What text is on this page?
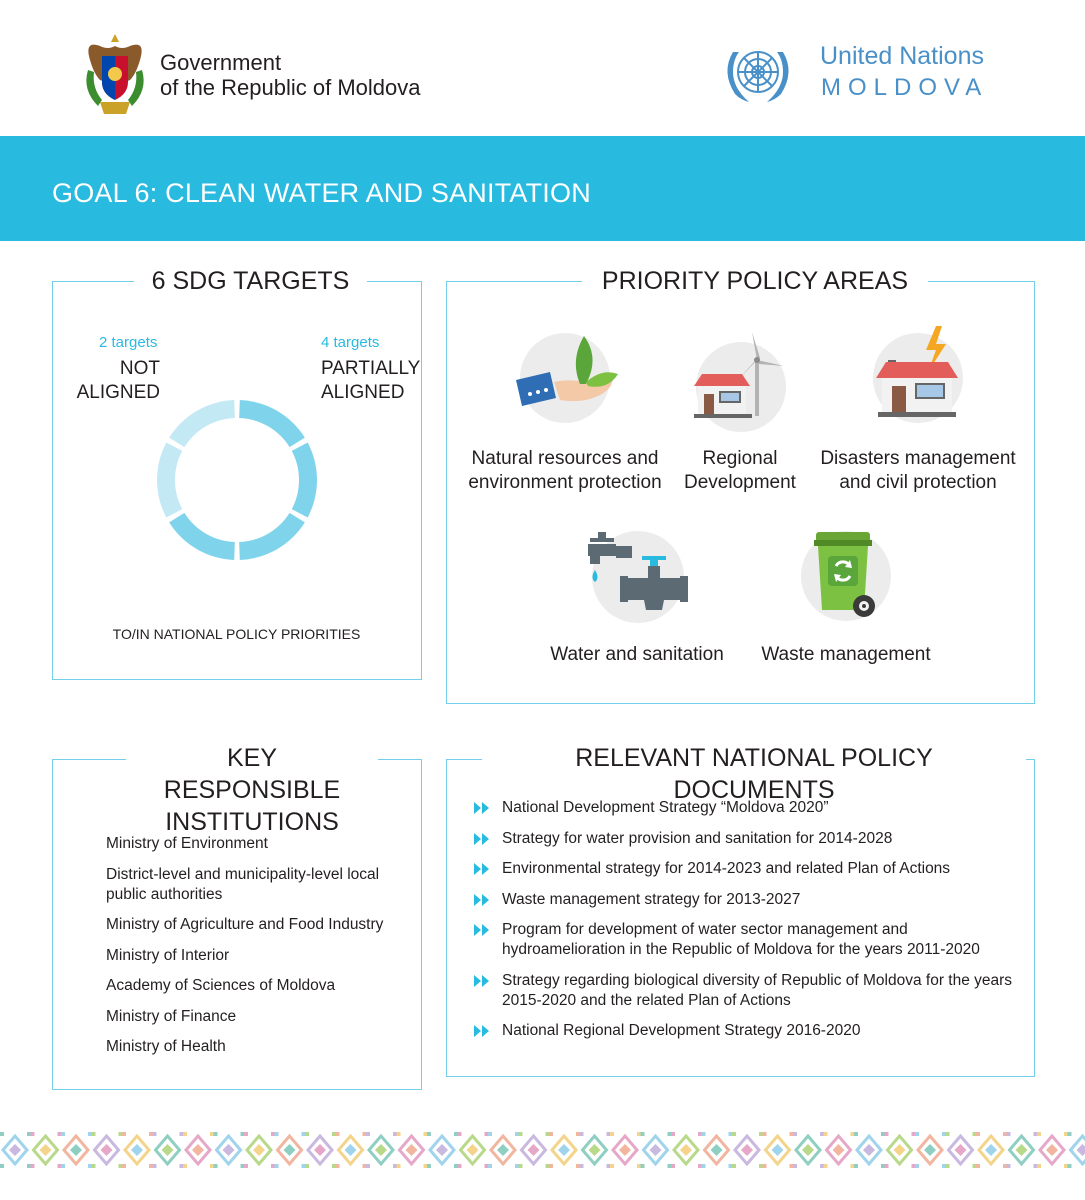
Government
of the Republic of Moldova
United Nations
MOLDOVA
GOAL 6: CLEAN WATER AND SANITATION
6 SDG TARGETS
2 targets
NOT
ALIGNED
4 targets
PARTIALLY
ALIGNED
TO/IN NATIONAL POLICY PRIORITIES
PRIORITY POLICY AREAS
Natural resources and
environment protection
Regional
Development
Disasters management
and civil protection
Water and sanitation	Waste management
KEY RESPONSIBLE
INSTITUTIONS
Ministry of Environment
District-level and municipality-level local public authorities
Ministry of Agriculture and Food Industry
Ministry of Interior
Academy of Sciences of Moldova
Ministry of Finance
Ministry of Health
RELEVANT NATIONAL POLICY DOCUMENTS
National Development Strategy “Moldova 2020”
Strategy for water provision and sanitation for 2014-2028
Environmental strategy for 2014-2023 and related Plan of Actions
Waste management strategy for 2013-2027
Program for development of water sector management and hydroamelioration in the Republic of Moldova for the years 2011-2020
Strategy regarding biological diversity of Republic of Moldova for the years 2015-2020 and the related Plan of Actions
National Regional Development Strategy 2016-2020
